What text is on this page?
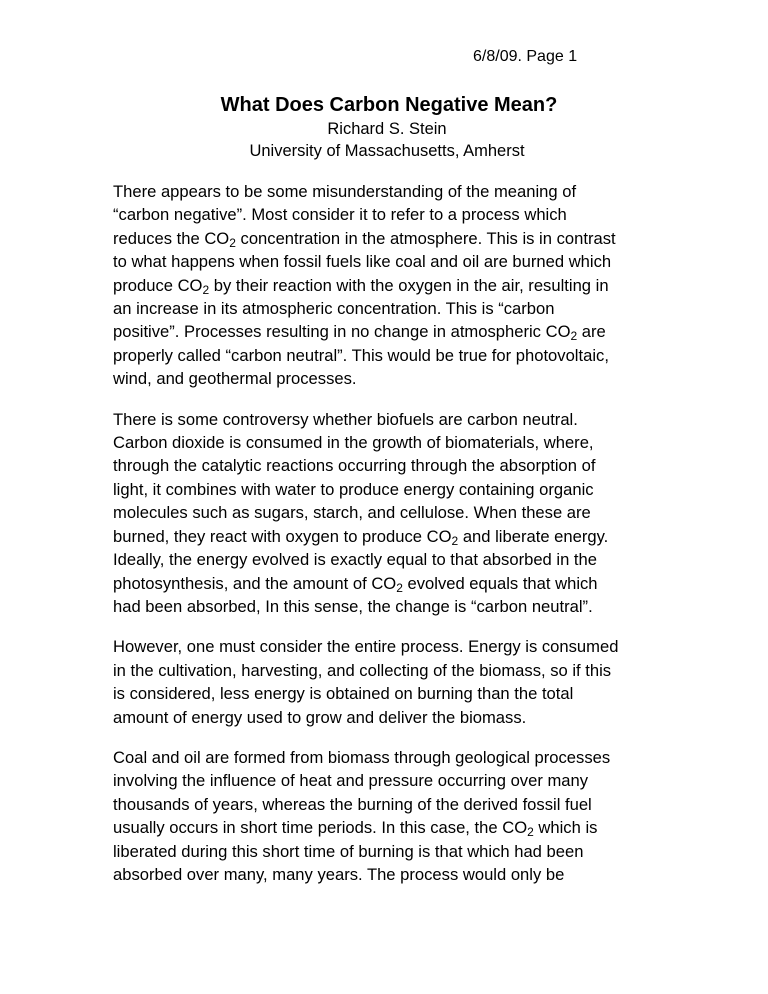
6/8/09. Page 1
What Does Carbon Negative Mean?
Richard S. Stein
University of Massachusetts, Amherst

There appears to be some misunderstanding of the meaning of
“carbon negative”. Most consider it to refer to a process which
reduces the $CO_2$ concentration in the atmosphere. This is in contrast
to what happens when fossil fuels like coal and oil are burned which
produce $CO_2$ by their reaction with the oxygen in the air, resulting in
an increase in its atmospheric concentration. This is “carbon
positive”. Processes resulting in no change in atmospheric $CO_2$ are
properly called “carbon neutral”. This would be true for photovoltaic,
wind, and geothermal processes.

There is some controversy whether biofuels are carbon neutral.
Carbon dioxide is consumed in the growth of biomaterials, where,
through the catalytic reactions occurring through the absorption of
light, it combines with water to produce energy containing organic
molecules such as sugars, starch, and cellulose. When these are
burned, they react with oxygen to produce $CO_2$ and liberate energy.
Ideally, the energy evolved is exactly equal to that absorbed in the
photosynthesis, and the amount of $CO_2$ evolved equals that which
had been absorbed, In this sense, the change is “carbon neutral”.

However, one must consider the entire process. Energy is consumed
in the cultivation, harvesting, and collecting of the biomass, so if this
is considered, less energy is obtained on burning than the total
amount of energy used to grow and deliver the biomass.

Coal and oil are formed from biomass through geological processes
involving the influence of heat and pressure occurring over many
thousands of years, whereas the burning of the derived fossil fuel
usually occurs in short time periods. In this case, the $CO_2$ which is
liberated during this short time of burning is that which had been
absorbed over many, many years. The process would only be
